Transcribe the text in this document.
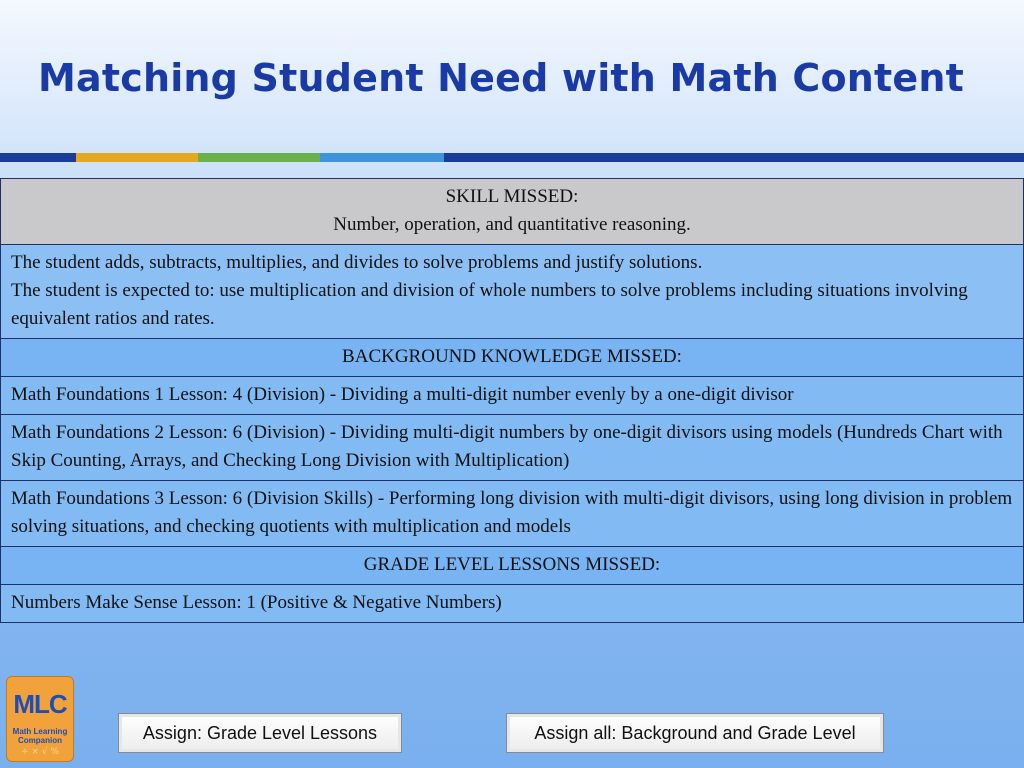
Matching Student Need with Math Content
SKILL MISSED:
Number, operation, and quantitative reasoning.

The student adds, subtracts, multiplies, and divides to solve problems and justify solutions.
The student is expected to: use multiplication and division of whole numbers to solve problems including situations involving equivalent ratios and rates.

BACKGROUND KNOWLEDGE MISSED:
Math Foundations 1 Lesson: 4 (Division) - Dividing a multi-digit number evenly by a one-digit divisor
Math Foundations 2 Lesson: 6 (Division) - Dividing multi-digit numbers by one-digit divisors using models (Hundreds Chart with Skip Counting, Arrays, and Checking Long Division with Multiplication)
Math Foundations 3 Lesson: 6 (Division Skills) - Performing long division with multi-digit divisors, using long division in problem solving situations, and checking quotients with multiplication and models
GRADE LEVEL LESSONS MISSED:
Numbers Make Sense Lesson: 1 (Positive & Negative Numbers)
MLC
Math Learning
Companion
÷ × √ %
Assign: Grade Level Lessons	Assign all: Background and Grade Level
